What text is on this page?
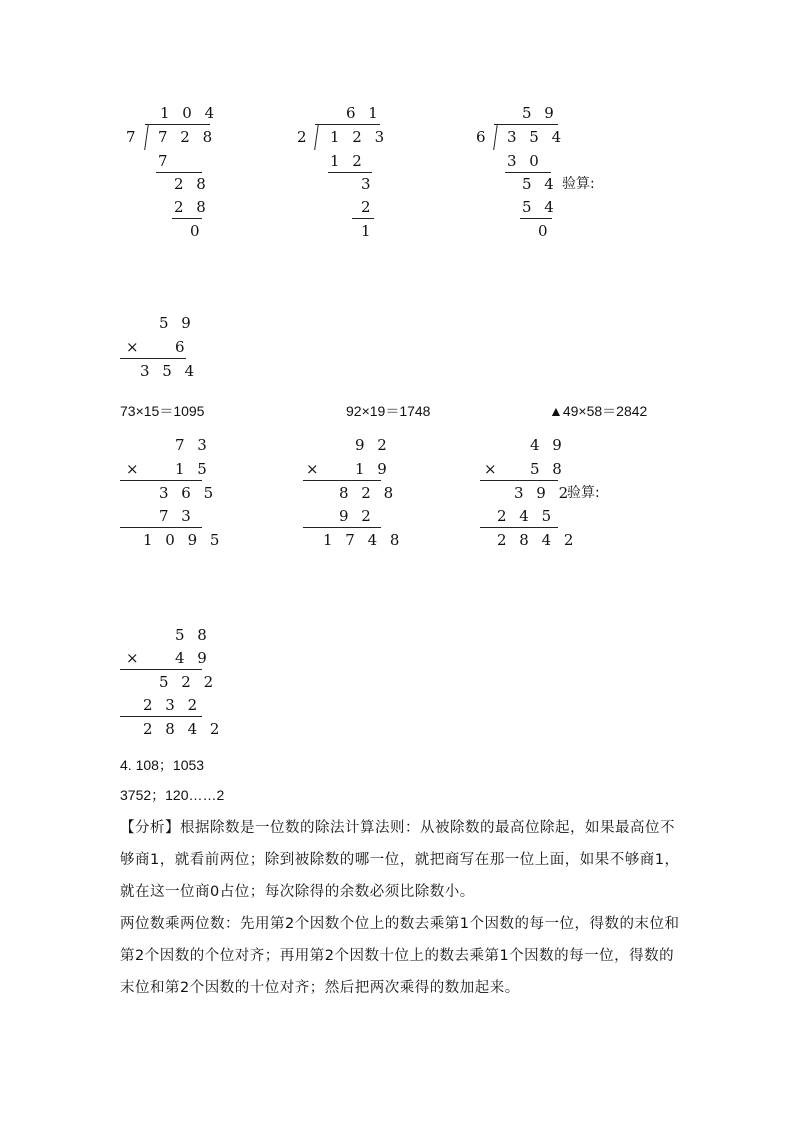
1 0 4
7 7 2 8
7
2 8
2 8
0
6 1
2 1 2 3
1 2
3
2
1
5 9
6 3 5 4
3 0
5 4 验算:
5 4
0
5 9
× 6
3 5 4
73×15＝1095	92×19＝1748	▲49×58＝2842
7 3
× 1 5
3 6 5
7 3
1 0 9 5
9 2
× 1 9
8 2 8
9 2
1 7 4 8
4 9
× 5 8
3 9 2
验算:
2 4 5
2 8 4 2
5 8
× 4 9
5 2 2
2 3 2
2 8 4 2
4. 108；1053
3752；120……2

【分析】根据除数是一位数的除法计算法则：从被除数的最高位除起，如果最高位不够商1，就看前两位；除到被除数的哪一位，就把商写在那一位上面，如果不够商1，就在这一位商0占位；每次除得的余数必须比除数小。

两位数乘两位数：先用第2个因数个位上的数去乘第1个因数的每一位，得数的末位和第2个因数的个位对齐；再用第2个因数十位上的数去乘第1个因数的每一位，得数的末位和第2个因数的十位对齐；然后把两次乘得的数加起来。
